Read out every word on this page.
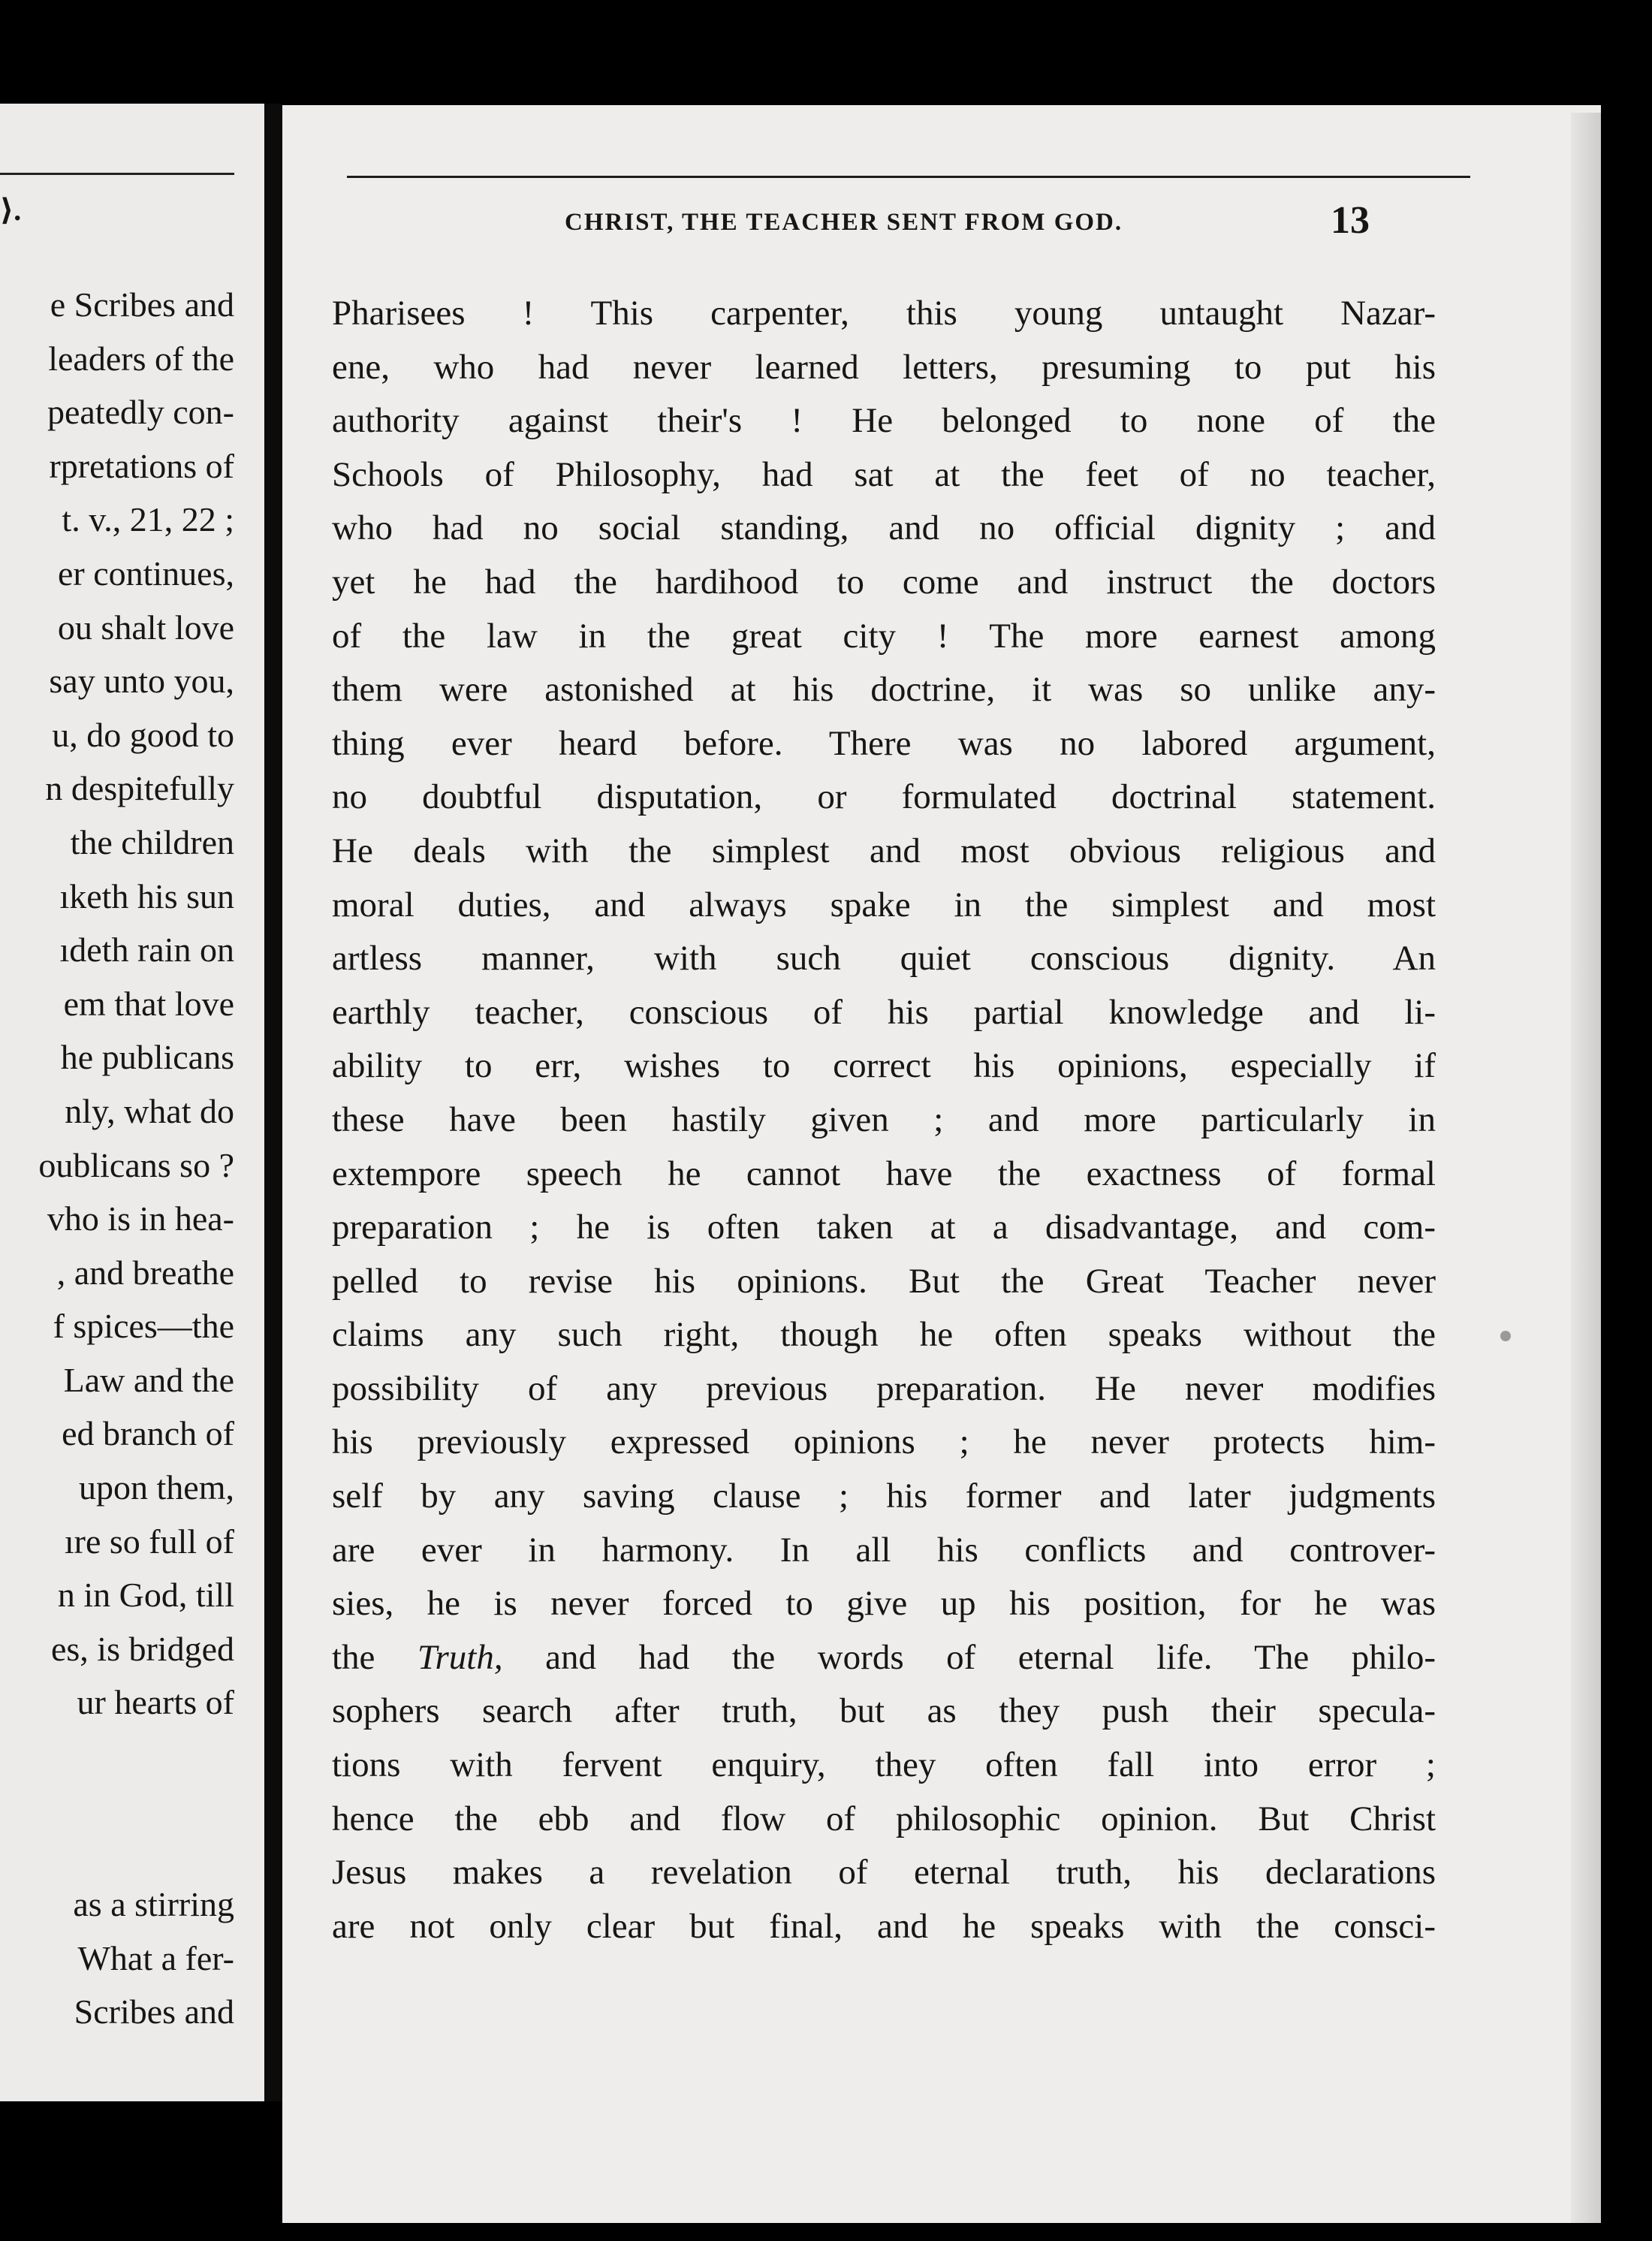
⟩.
e Scribes and
leaders of the
peatedly con-
rpretations of
t. v., 21, 22 ;
er continues,
ou shalt love
say unto you,
u, do good to
n despitefully
the children
ıketh his sun
ıdeth rain on
em that love
he publicans
nly, what do
oublicans so ?
vho is in hea-
, and breathe
f spices—the
Law and the
ed branch of
upon them,
ıre so full of
n in God, till
es, is bridged
ur hearts of
as a stirring
What a fer-
Scribes and
CHRIST, THE TEACHER SENT FROM GOD.	13
Pharisees ! This carpenter, this young untaught Nazar-
ene, who had never learned letters, presuming to put his
authority against their's ! He belonged to none of the
Schools of Philosophy, had sat at the feet of no teacher,
who had no social standing, and no official dignity ; and
yet he had the hardihood to come and instruct the doctors
of the law in the great city ! The more earnest among
them were astonished at his doctrine, it was so unlike any-
thing ever heard before. There was no labored argument,
no doubtful disputation, or formulated doctrinal statement.
He deals with the simplest and most obvious religious and
moral duties, and always spake in the simplest and most
artless manner, with such quiet conscious dignity. An
earthly teacher, conscious of his partial knowledge and li-
ability to err, wishes to correct his opinions, especially if
these have been hastily given ; and more particularly in
extempore speech he cannot have the exactness of formal
preparation ; he is often taken at a disadvantage, and com-
pelled to revise his opinions. But the Great Teacher never
claims any such right, though he often speaks without the
possibility of any previous preparation. He never modifies
his previously expressed opinions ; he never protects him-
self by any saving clause ; his former and later judgments
are ever in harmony. In all his conflicts and controver-
sies, he is never forced to give up his position, for he was
the Truth, and had the words of eternal life. The philo-
sophers search after truth, but as they push their specula-
tions with fervent enquiry, they often fall into error ;
hence the ebb and flow of philosophic opinion. But Christ
Jesus makes a revelation of eternal truth, his declarations
are not only clear but final, and he speaks with the consci-
